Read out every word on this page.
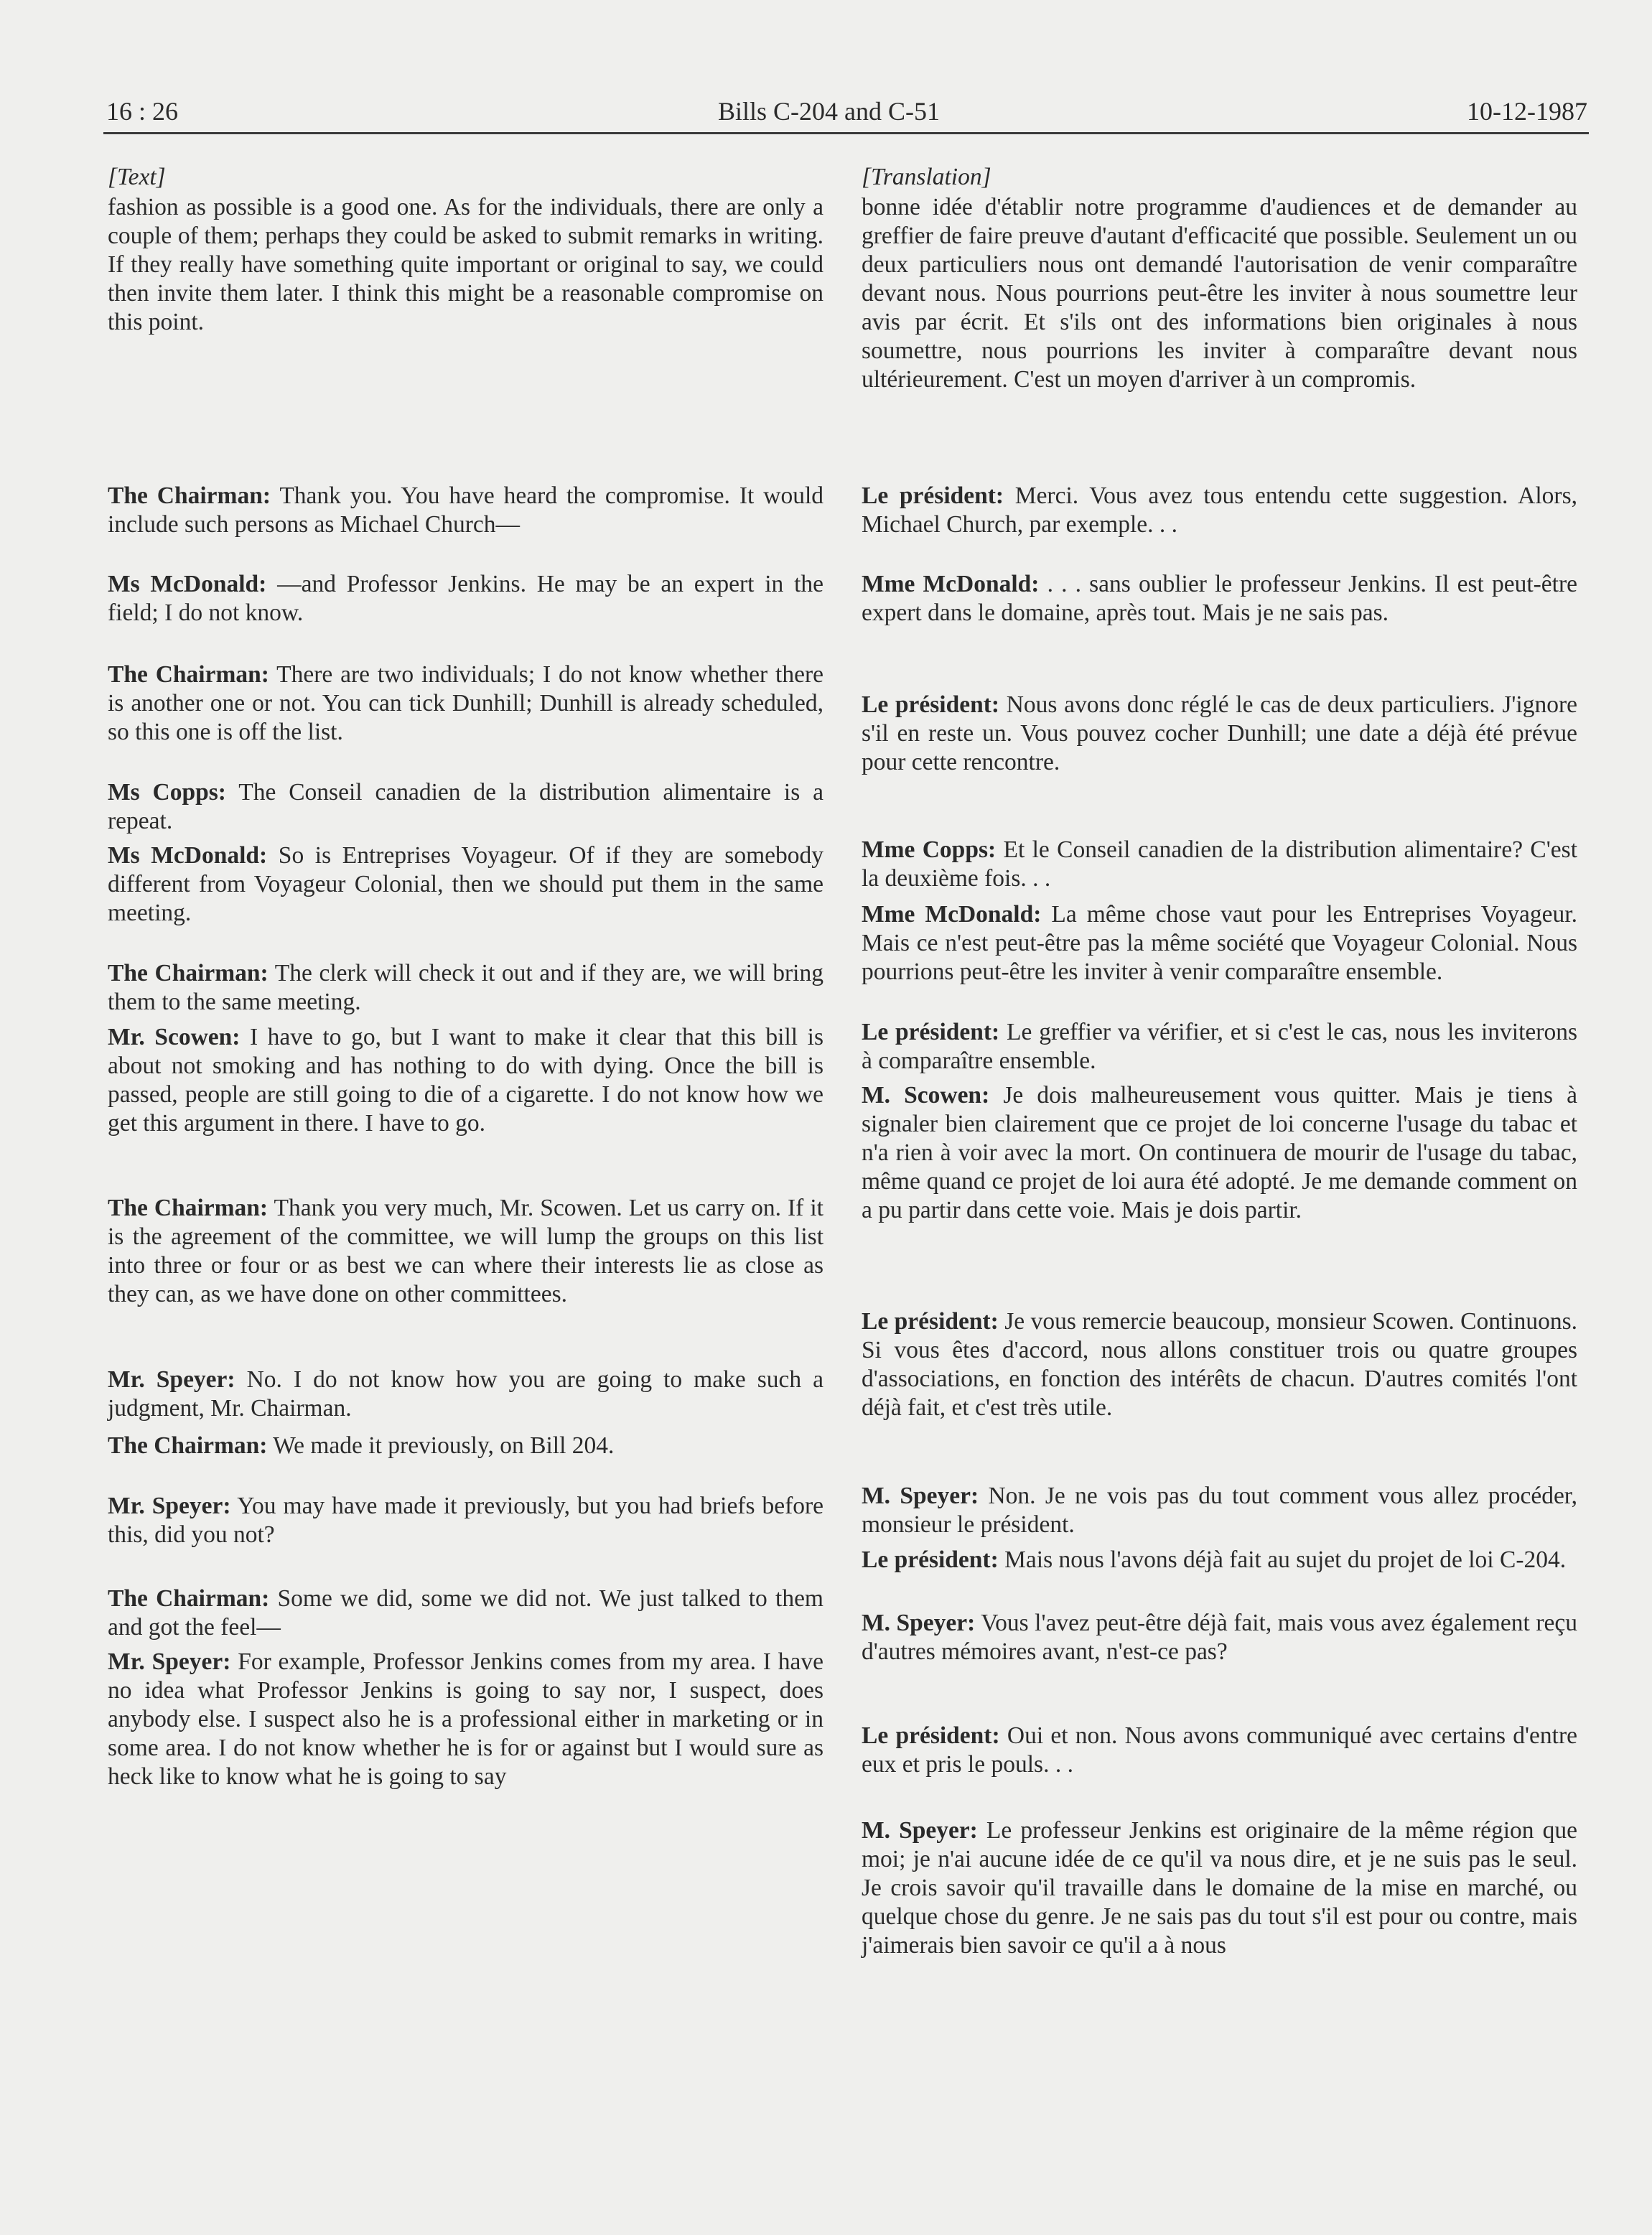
16 : 26	Bills C-204 and C-51	10-12-1987
[Text]

fashion as possible is a good one. As for the individuals, there are only a couple of them; perhaps they could be asked to submit remarks in writing. If they really have something quite important or original to say, we could then invite them later. I think this might be a reasonable compromise on this point.

The Chairman: Thank you. You have heard the compromise. It would include such persons as Michael Church—

Ms McDonald: —and Professor Jenkins. He may be an expert in the field; I do not know.

The Chairman: There are two individuals; I do not know whether there is another one or not. You can tick Dunhill; Dunhill is already scheduled, so this one is off the list.

Ms Copps: The Conseil canadien de la distribution alimentaire is a repeat.

Ms McDonald: So is Entreprises Voyageur. Of if they are somebody different from Voyageur Colonial, then we should put them in the same meeting.

The Chairman: The clerk will check it out and if they are, we will bring them to the same meeting.

Mr. Scowen: I have to go, but I want to make it clear that this bill is about not smoking and has nothing to do with dying. Once the bill is passed, people are still going to die of a cigarette. I do not know how we get this argument in there. I have to go.

The Chairman: Thank you very much, Mr. Scowen. Let us carry on. If it is the agreement of the committee, we will lump the groups on this list into three or four or as best we can where their interests lie as close as they can, as we have done on other committees.

Mr. Speyer: No. I do not know how you are going to make such a judgment, Mr. Chairman.

The Chairman: We made it previously, on Bill 204.

Mr. Speyer: You may have made it previously, but you had briefs before this, did you not?

The Chairman: Some we did, some we did not. We just talked to them and got the feel—

Mr. Speyer: For example, Professor Jenkins comes from my area. I have no idea what Professor Jenkins is going to say nor, I suspect, does anybody else. I suspect also he is a professional either in marketing or in some area. I do not know whether he is for or against but I would sure as heck like to know what he is going to say

[Translation]

bonne idée d'établir notre programme d'audiences et de demander au greffier de faire preuve d'autant d'efficacité que possible. Seulement un ou deux particuliers nous ont demandé l'autorisation de venir comparaître devant nous. Nous pourrions peut-être les inviter à nous soumettre leur avis par écrit. Et s'ils ont des informations bien originales à nous soumettre, nous pourrions les inviter à comparaître devant nous ultérieurement. C'est un moyen d'arriver à un compromis.

Le président: Merci. Vous avez tous entendu cette suggestion. Alors, Michael Church, par exemple. . .

Mme McDonald: . . . sans oublier le professeur Jenkins. Il est peut-être expert dans le domaine, après tout. Mais je ne sais pas.

Le président: Nous avons donc réglé le cas de deux particuliers. J'ignore s'il en reste un. Vous pouvez cocher Dunhill; une date a déjà été prévue pour cette rencontre.

Mme Copps: Et le Conseil canadien de la distribution alimentaire? C'est la deuxième fois. . .

Mme McDonald: La même chose vaut pour les Entreprises Voyageur. Mais ce n'est peut-être pas la même société que Voyageur Colonial. Nous pourrions peut-être les inviter à venir comparaître ensemble.

Le président: Le greffier va vérifier, et si c'est le cas, nous les inviterons à comparaître ensemble.

M. Scowen: Je dois malheureusement vous quitter. Mais je tiens à signaler bien clairement que ce projet de loi concerne l'usage du tabac et n'a rien à voir avec la mort. On continuera de mourir de l'usage du tabac, même quand ce projet de loi aura été adopté. Je me demande comment on a pu partir dans cette voie. Mais je dois partir.

Le président: Je vous remercie beaucoup, monsieur Scowen. Continuons. Si vous êtes d'accord, nous allons constituer trois ou quatre groupes d'associations, en fonction des intérêts de chacun. D'autres comités l'ont déjà fait, et c'est très utile.

M. Speyer: Non. Je ne vois pas du tout comment vous allez procéder, monsieur le président.

Le président: Mais nous l'avons déjà fait au sujet du projet de loi C-204.

M. Speyer: Vous l'avez peut-être déjà fait, mais vous avez également reçu d'autres mémoires avant, n'est-ce pas?

Le président: Oui et non. Nous avons communiqué avec certains d'entre eux et pris le pouls. . .

M. Speyer: Le professeur Jenkins est originaire de la même région que moi; je n'ai aucune idée de ce qu'il va nous dire, et je ne suis pas le seul. Je crois savoir qu'il travaille dans le domaine de la mise en marché, ou quelque chose du genre. Je ne sais pas du tout s'il est pour ou contre, mais j'aimerais bien savoir ce qu'il a à nous
